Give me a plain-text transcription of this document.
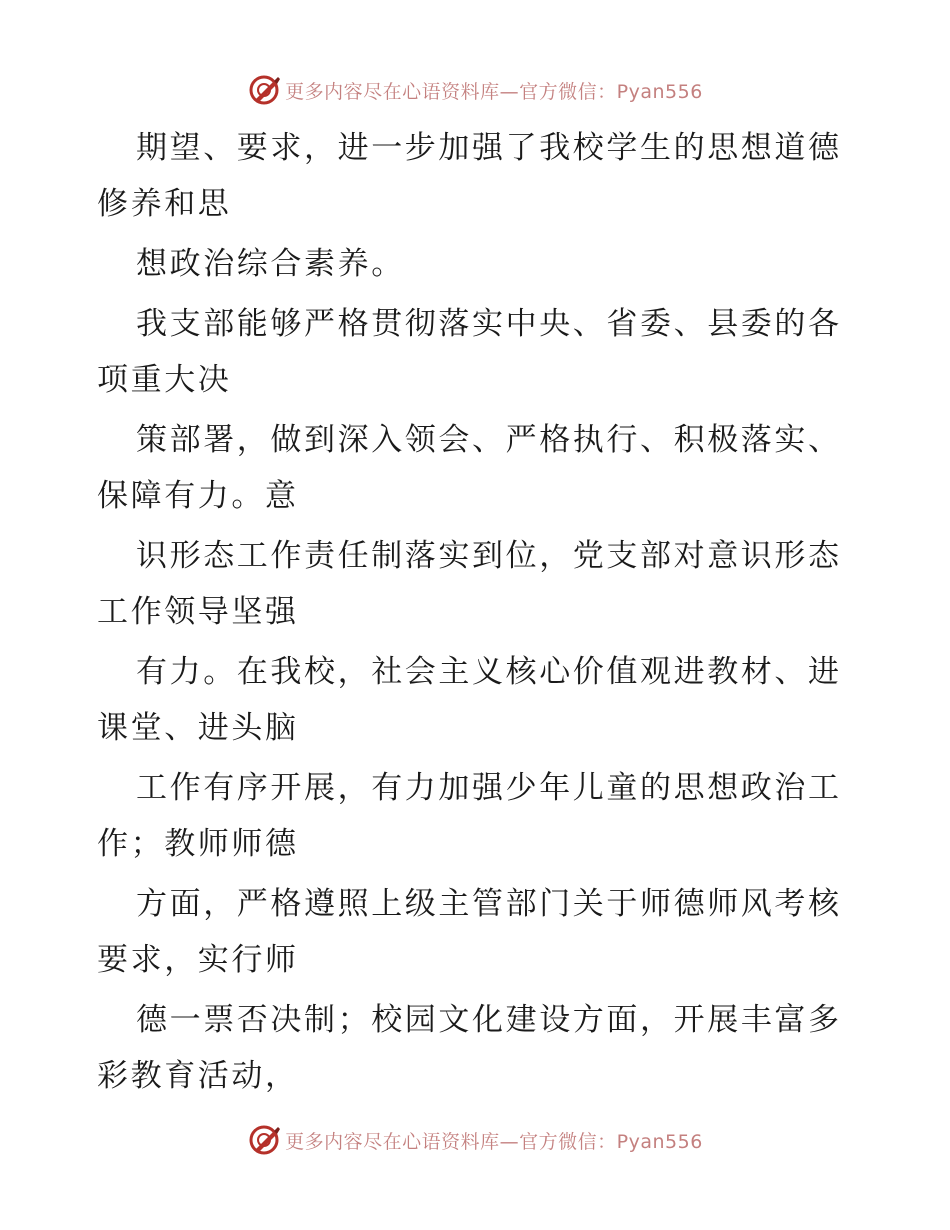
更多内容尽在心语资料库—官方微信：Pyan556
期望、要求，进一步加强了我校学生的思想道德
修养和思
想政治综合素养。
我支部能够严格贯彻落实中央、省委、县委的各
项重大决
策部署，做到深入领会、严格执行、积极落实、
保障有力。意
识形态工作责任制落实到位，党支部对意识形态
工作领导坚强
有力。在我校，社会主义核心价值观进教材、进
课堂、进头脑
工作有序开展，有力加强少年儿童的思想政治工
作；教师师德
方面，严格遵照上级主管部门关于师德师风考核
要求，实行师
德一票否决制；校园文化建设方面，开展丰富多
彩教育活动，
更多内容尽在心语资料库—官方微信：Pyan556
